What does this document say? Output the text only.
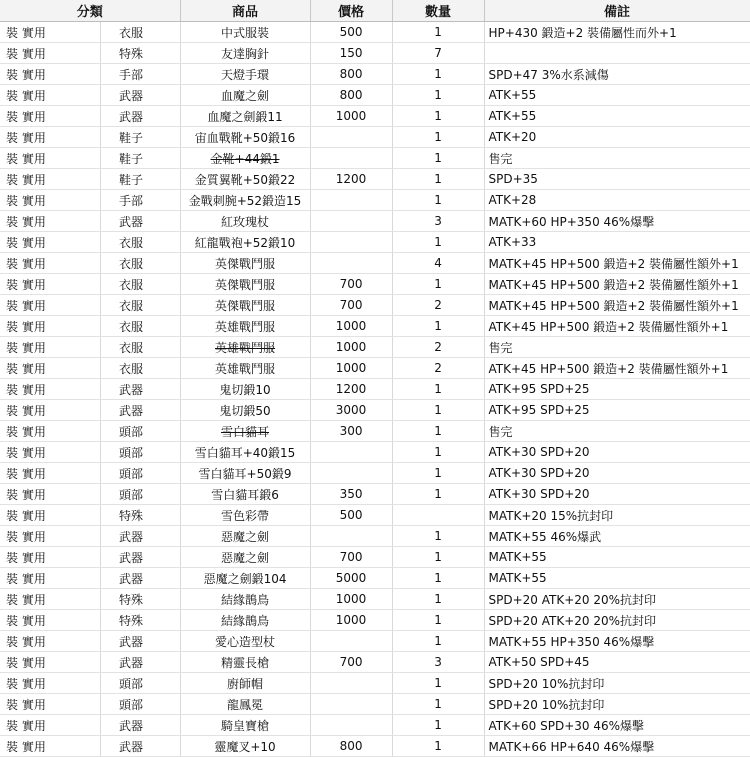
分類		商品	價格	數量	備註
裝 實用	衣服	中式服裝	500	1	HP+430 鍛造+2 裝備屬性而外+1
裝 實用	特殊	友達胸針	150	7	
裝 實用	手部	天燈手環	800	1	SPD+47 3%水系減傷
裝 實用	武器	血魔之劍	800	1	ATK+55
裝 實用	武器	血魔之劍鍛11	1000	1	ATK+55
裝 實用	鞋子	宙血戰靴+50鍛16		1	ATK+20
裝 實用	鞋子	金靴+44鍛1		1	售完
裝 實用	鞋子	金質翼靴+50鍛22	1200	1	SPD+35
裝 實用	手部	金戰刺腕+52鍛造15		1	ATK+28
裝 實用	武器	紅玫瑰杖		3	MATK+60 HP+350 46%爆擊
裝 實用	衣服	紅龍戰袍+52鍛10		1	ATK+33
裝 實用	衣服	英傑戰鬥服		4	MATK+45 HP+500 鍛造+2 裝備屬性額外+1
裝 實用	衣服	英傑戰鬥服	700	1	MATK+45 HP+500 鍛造+2 裝備屬性額外+1
裝 實用	衣服	英傑戰鬥服	700	2	MATK+45 HP+500 鍛造+2 裝備屬性額外+1
裝 實用	衣服	英雄戰鬥服	1000	1	ATK+45 HP+500 鍛造+2 裝備屬性額外+1
裝 實用	衣服	英雄戰鬥服	1000	2	售完
裝 實用	衣服	英雄戰鬥服	1000	2	ATK+45 HP+500 鍛造+2 裝備屬性額外+1
裝 實用	武器	鬼切鍛10	1200	1	ATK+95 SPD+25
裝 實用	武器	鬼切鍛50	3000	1	ATK+95 SPD+25
裝 實用	頭部	雪白貓耳	300	1	售完
裝 實用	頭部	雪白貓耳+40鍛15		1	ATK+30 SPD+20
裝 實用	頭部	雪白貓耳+50鍛9		1	ATK+30 SPD+20
裝 實用	頭部	雪白貓耳鍛6	350	1	ATK+30 SPD+20
裝 實用	特殊	雪色彩帶	500		MATK+20 15%抗封印
裝 實用	武器	惡魔之劍		1	MATK+55 46%爆武
裝 實用	武器	惡魔之劍	700	1	MATK+55
裝 實用	武器	惡魔之劍鍛104	5000	1	MATK+55
裝 實用	特殊	結緣鵲鳥	1000	1	SPD+20 ATK+20 20%抗封印
裝 實用	特殊	結緣鵲鳥	1000	1	SPD+20 ATK+20 20%抗封印
裝 實用	武器	愛心造型杖		1	MATK+55 HP+350 46%爆擊
裝 實用	武器	精靈長槍	700	3	ATK+50 SPD+45
裝 實用	頭部	廚師帽		1	SPD+20 10%抗封印
裝 實用	頭部	龍鳳冕		1	SPD+20 10%抗封印
裝 實用	武器	騎皇寶槍		1	ATK+60 SPD+30 46%爆擊
裝 實用	武器	靈魔叉+10	800	1	MATK+66 HP+640 46%爆擊
